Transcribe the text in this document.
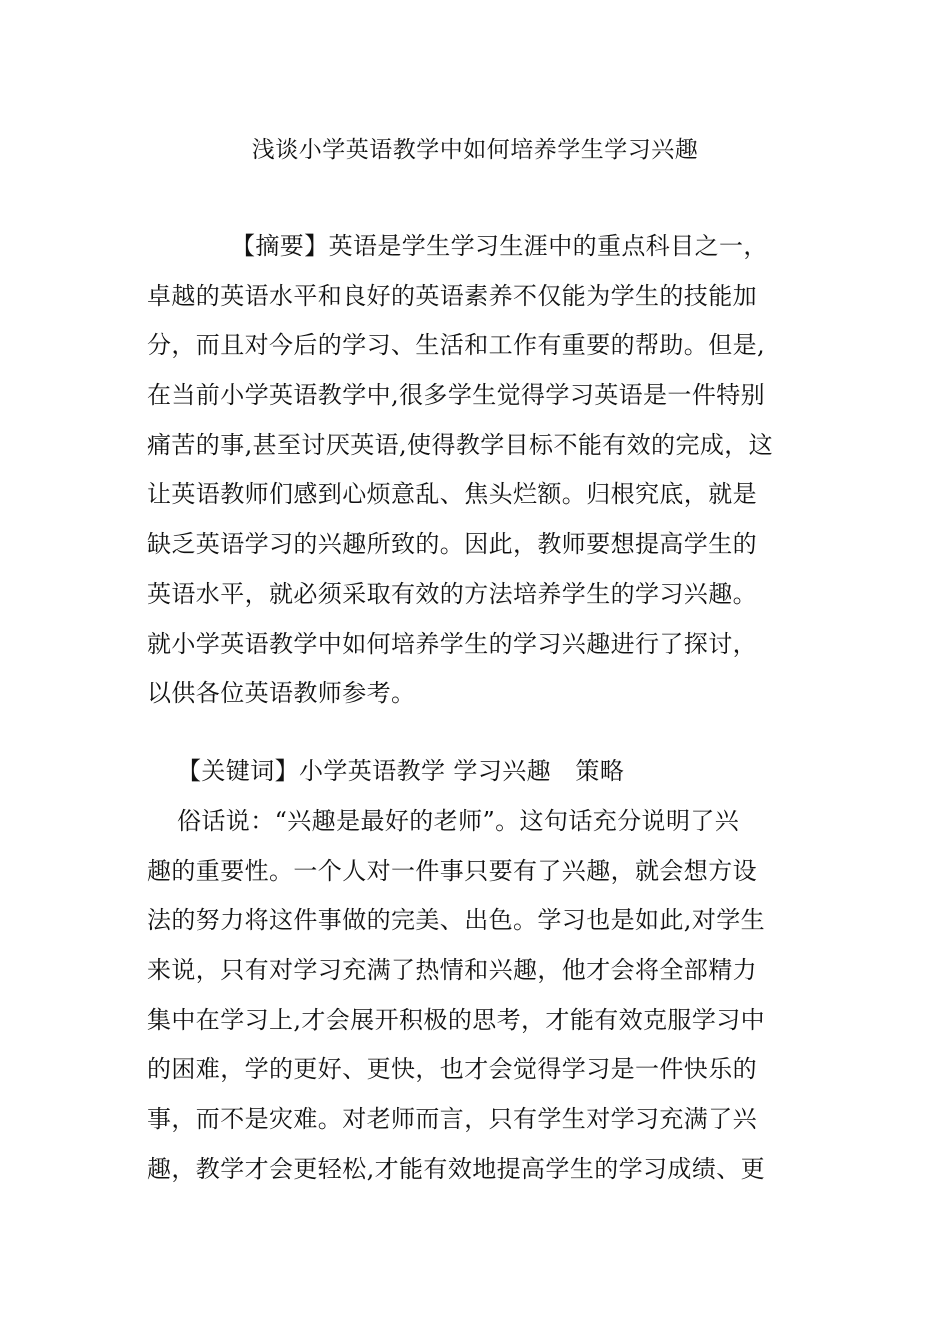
浅谈小学英语教学中如何培养学生学习兴趣
【摘要】英语是学生学习生涯中的重点科目之一，
卓越的英语水平和良好的英语素养不仅能为学生的技能加
分，而且对今后的学习、生活和工作有重要的帮助。但是,
在当前小学英语教学中,很多学生觉得学习英语是一件特别
痛苦的事,甚至讨厌英语,使得教学目标不能有效的完成，这
让英语教师们感到心烦意乱、焦头烂额。归根究底，就是
缺乏英语学习的兴趣所致的。因此，教师要想提高学生的
英语水平，就必须采取有效的方法培养学生的学习兴趣。
就小学英语教学中如何培养学生的学习兴趣进行了探讨，
以供各位英语教师参考。
【关键词】小学英语教学 学习兴趣　策略
俗话说：“兴趣是最好的老师”。这句话充分说明了兴
趣的重要性。一个人对一件事只要有了兴趣，就会想方设
法的努力将这件事做的完美、出色。学习也是如此,对学生
来说，只有对学习充满了热情和兴趣，他才会将全部精力
集中在学习上,才会展开积极的思考，才能有效克服学习中
的困难，学的更好、更快，也才会觉得学习是一件快乐的
事，而不是灾难。对老师而言，只有学生对学习充满了兴
趣，教学才会更轻松,才能有效地提高学生的学习成绩、更
